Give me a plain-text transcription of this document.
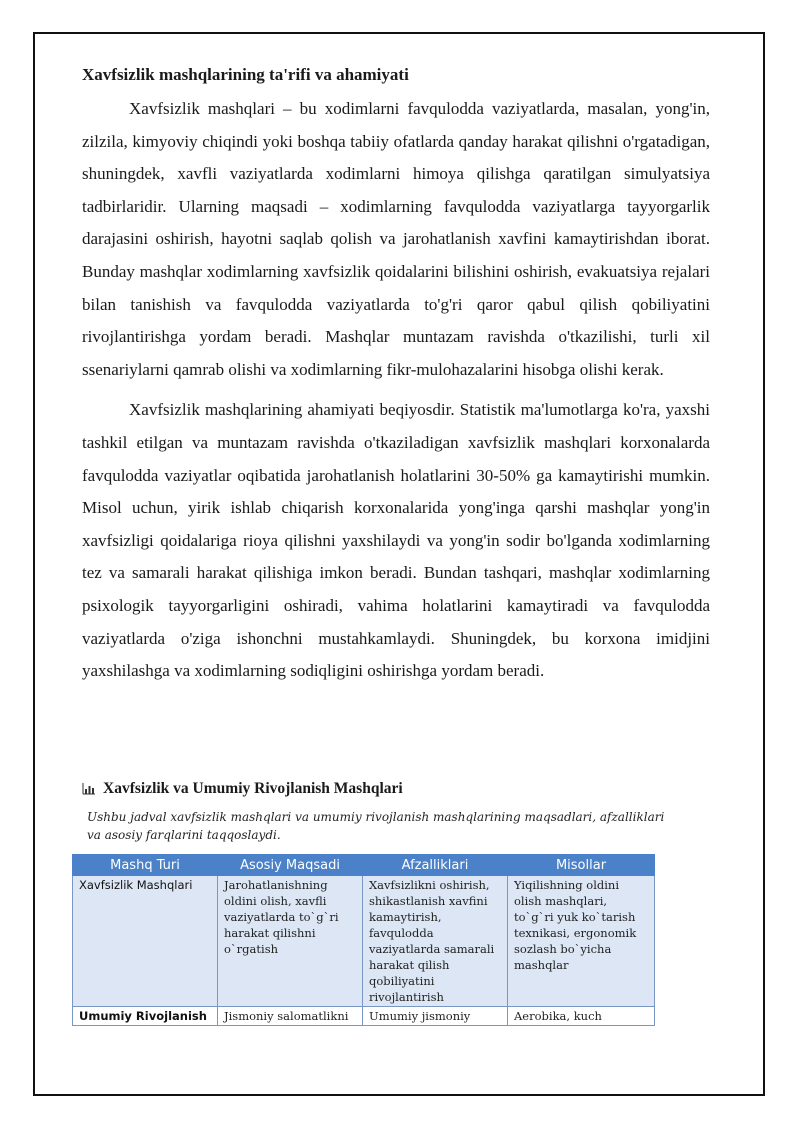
Xavfsizlik mashqlarining ta'rifi va ahamiyati

Xavfsizlik mashqlari – bu xodimlarni favqulodda vaziyatlarda, masalan, yong'in, zilzila, kimyoviy chiqindi yoki boshqa tabiiy ofatlarda qanday harakat qilishni o'rgatadigan, shuningdek, xavfli vaziyatlarda xodimlarni himoya qilishga qaratilgan simulyatsiya tadbirlaridir. Ularning maqsadi – xodimlarning favqulodda vaziyatlarga tayyorgarlik darajasini oshirish, hayotni saqlab qolish va jarohatlanish xavfini kamaytirishdan iborat. Bunday mashqlar xodimlarning xavfsizlik qoidalarini bilishini oshirish, evakuatsiya rejalari bilan tanishish va favqulodda vaziyatlarda to'g'ri qaror qabul qilish qobiliyatini rivojlantirishga yordam beradi. Mashqlar muntazam ravishda o'tkazilishi, turli xil ssenariylarni qamrab olishi va xodimlarning fikr-mulohazalarini hisobga olishi kerak.

Xavfsizlik mashqlarining ahamiyati beqiyosdir. Statistik ma'lumotlarga ko'ra, yaxshi tashkil etilgan va muntazam ravishda o'tkaziladigan xavfsizlik mashqlari korxonalarda favqulodda vaziyatlar oqibatida jarohatlanish holatlarini 30-50% ga kamaytirishi mumkin. Misol uchun, yirik ishlab chiqarish korxonalarida yong'inga qarshi mashqlar yong'in xavfsizligi qoidalariga rioya qilishni yaxshilaydi va yong'in sodir bo'lganda xodimlarning tez va samarali harakat qilishiga imkon beradi. Bundan tashqari, mashqlar xodimlarning psixologik tayyorgarligini oshiradi, vahima holatlarini kamaytiradi va favqulodda vaziyatlarda o'ziga ishonchni mustahkamlaydi. Shuningdek, bu korxona imidjini yaxshilashga va xodimlarning sodiqligini oshirishga yordam beradi.

Xavfsizlik va Umumiy Rivojlanish Mashqlari
Ushbu jadval xavfsizlik mashqlari va umumiy rivojlanish mashqlarining maqsadlari, afzalliklari va asosiy farqlarini taqqoslaydi.
Mashq Turi	Asosiy Maqsadi	Afzalliklari	Misollar
Xavfsizlik Mashqlari	Jarohatlanishning oldini olish, xavfli vaziyatlarda to`g`ri harakat qilishni o`rgatish	Xavfsizlikni oshirish, shikastlanish xavfini kamaytirish, favqulodda vaziyatlarda samarali harakat qilish qobiliyatini rivojlantirish	Yiqilishning oldini olish mashqlari, to`g`ri yuk ko`tarish texnikasi, ergonomik sozlash bo`yicha mashqlar
Umumiy Rivojlanish	Jismoniy salomatlikni	Umumiy jismoniy	Aerobika, kuch
